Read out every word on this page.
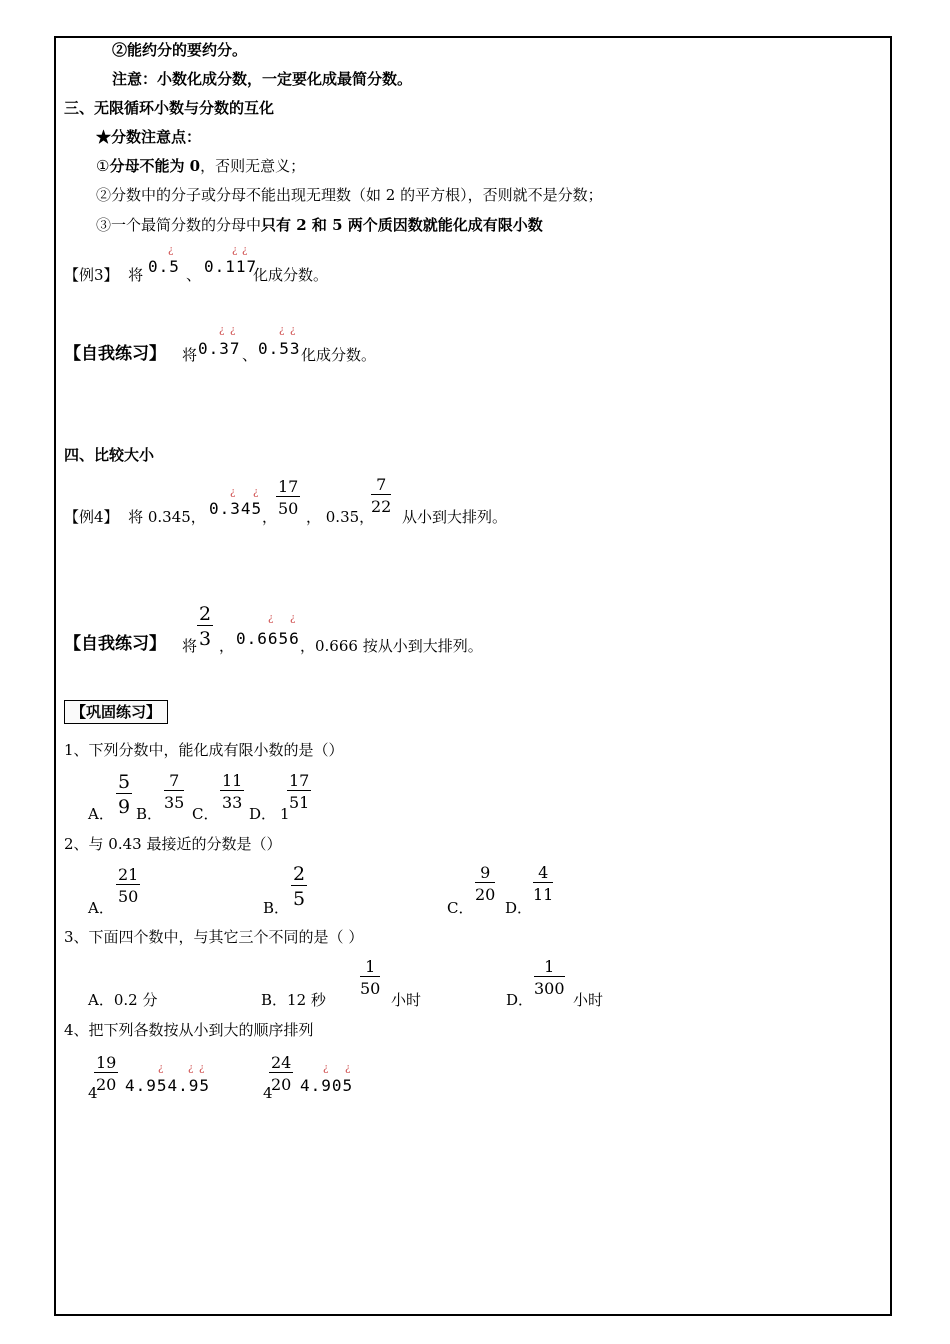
②能约分的要约分。
注意：小数化成分数，一定要化成最简分数。
三、无限循环小数与分数的互化
★分数注意点：
①分母不能为 0，否则无意义；
②分数中的分子或分母不能出现无理数（如 2 的平方根），否则就不是分数；
③一个最简分数的分母中只有 2 和 5 两个质因数就能化成有限小数
【例3】 将
¿
0.5 、
¿ ¿
0.117
化成分数。
【自我练习】 将
¿ ¿
0.37 、
¿ ¿
0.53 化成分数。
四、比较大小
【例4】 将 0.345，
¿ ¿
0.345 ，
$\frac{17}{50}$ ， 0.35，
$\frac{7}{22}$
从小到大排列。
【自我练习】 将 $\frac{2}{3}$ ，
¿ ¿
0.6656 ，0.666 按从小到大排列。
【巩固练习】
1、下列分数中，能化成有限小数的是（）
A． $\frac{5}{9}$ B．
$\frac{7}{35}$
C．
$\frac{11}{33}$
D． 1
$\frac{17}{51}$
2、与 0.43 最接近的分数是（）
A．
$\frac{21}{50}$
B． $\frac{2}{5}$	C．
$\frac{9}{20}$
D．
$\frac{4}{11}$
3、下面四个数中，与其它三个不同的是（ ）
A．0.2 分	B．12 秒
$\frac{1}{50}$
小时	D．
$\frac{1}{300}$
小时
4、把下列各数按从小到大的顺序排列
4
$\frac{19}{20}$	¿ ¿ ¿
4.954.95	4
$\frac{24}{20}$	¿ ¿
4.905
